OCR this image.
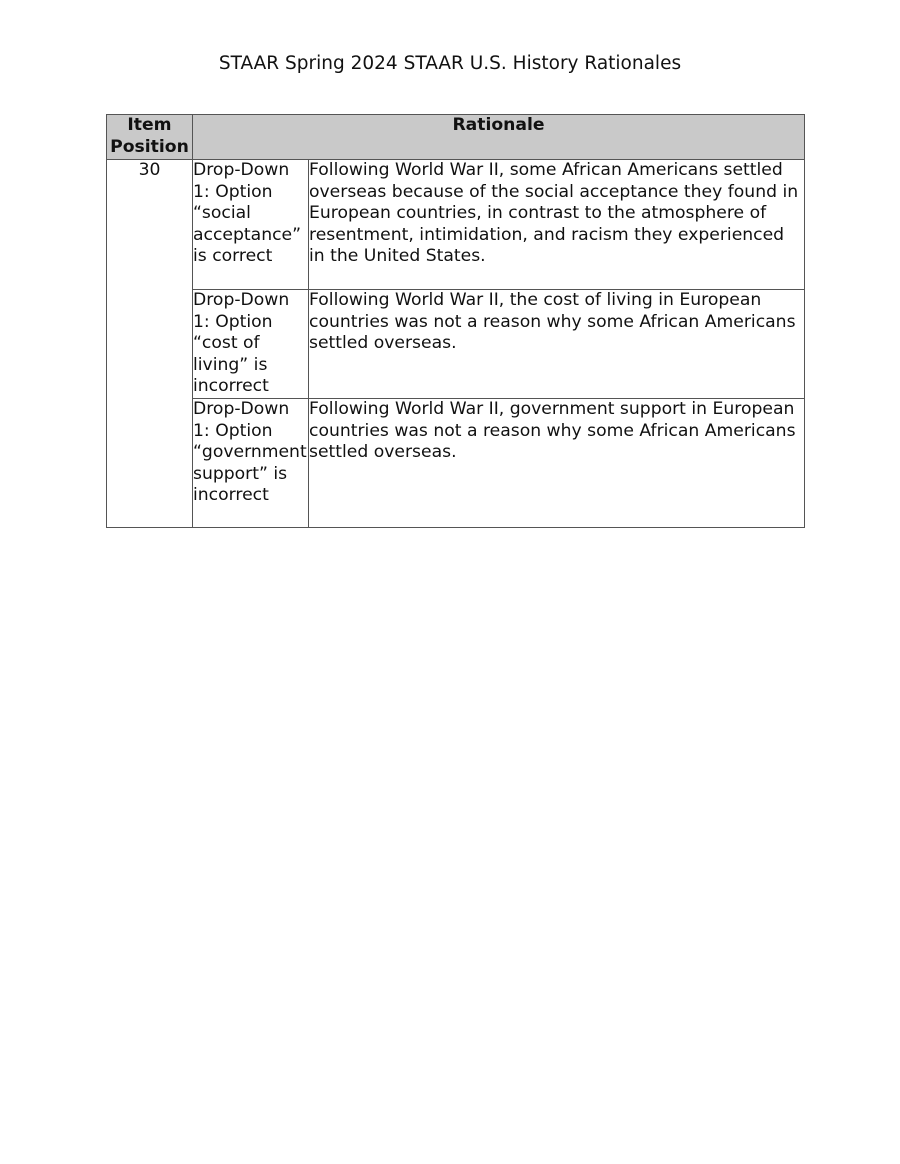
STAAR Spring 2024 STAAR U.S. History Rationales
Item Position	Rationale	
30	Drop-Down 1: Option “social acceptance” is correct	Following World War II, some African Americans settled overseas because of the social acceptance they found in European countries, in contrast to the atmosphere of resentment, intimidation, and racism they experienced in the United States.
	Drop-Down 1: Option “cost of living” is incorrect	Following World War II, the cost of living in European countries was not a reason why some African Americans settled overseas.
	Drop-Down 1: Option “government support” is incorrect	Following World War II, government support in European countries was not a reason why some African Americans settled overseas.
